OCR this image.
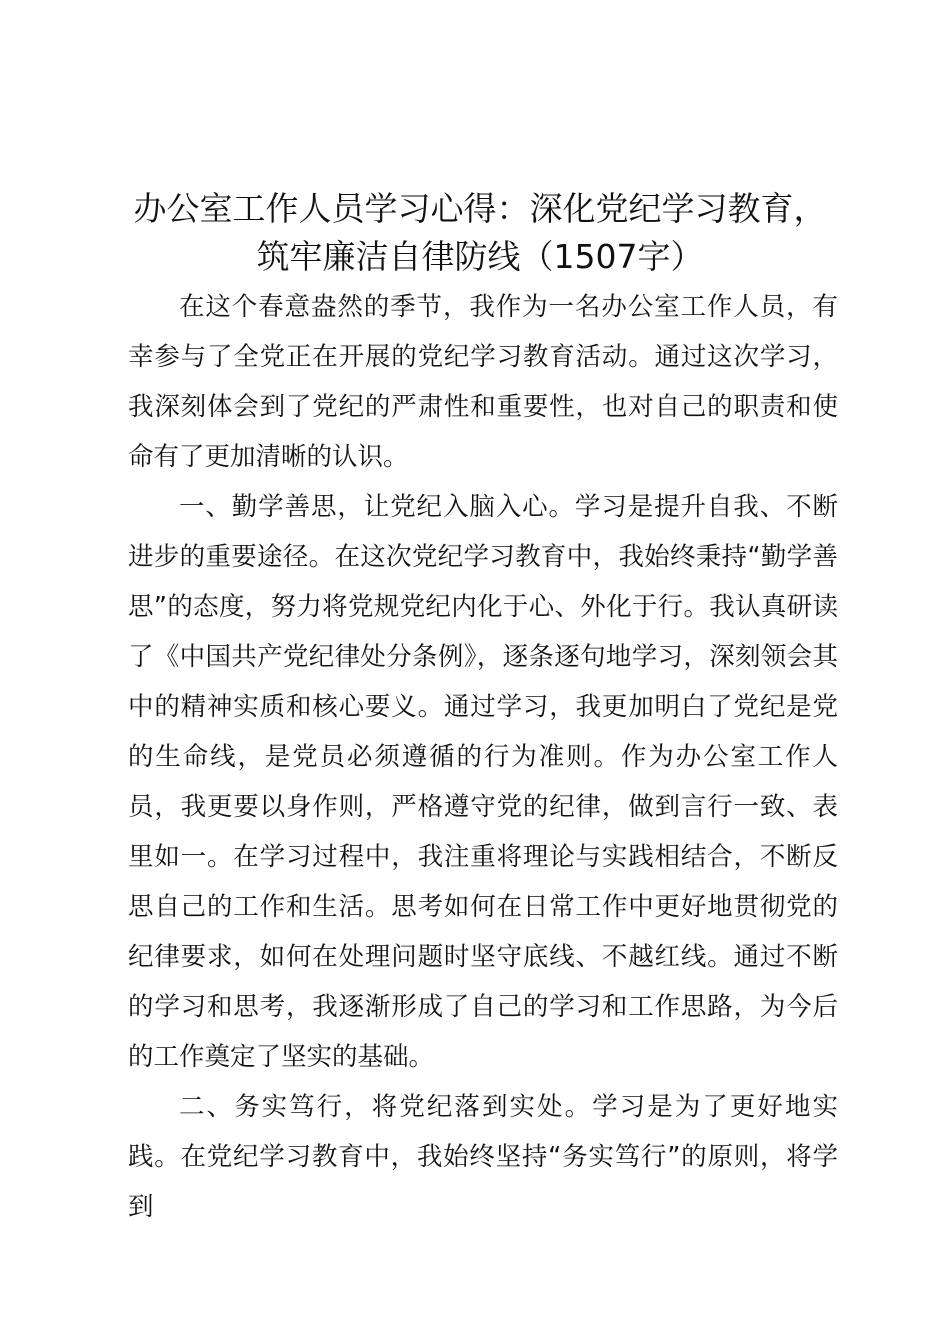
办公室工作人员学习心得：深化党纪学习教育，
筑牢廉洁自律防线（1507字）

在这个春意盎然的季节，我作为一名办公室工作人员，有幸参与了全党正在开展的党纪学习教育活动。通过这次学习，我深刻体会到了党纪的严肃性和重要性，也对自己的职责和使命有了更加清晰的认识。

一、勤学善思，让党纪入脑入心。学习是提升自我、不断进步的重要途径。在这次党纪学习教育中，我始终秉持“勤学善思”的态度，努力将党规党纪内化于心、外化于行。我认真研读了《中国共产党纪律处分条例》，逐条逐句地学习，深刻领会其中的精神实质和核心要义。通过学习，我更加明白了党纪是党的生命线，是党员必须遵循的行为准则。作为办公室工作人员，我更要以身作则，严格遵守党的纪律，做到言行一致、表里如一。在学习过程中，我注重将理论与实践相结合，不断反思自己的工作和生活。思考如何在日常工作中更好地贯彻党的纪律要求，如何在处理问题时坚守底线、不越红线。通过不断的学习和思考，我逐渐形成了自己的学习和工作思路，为今后的工作奠定了坚实的基础。

二、务实笃行，将党纪落到实处。学习是为了更好地实践。在党纪学习教育中，我始终坚持“务实笃行”的原则，将学到
